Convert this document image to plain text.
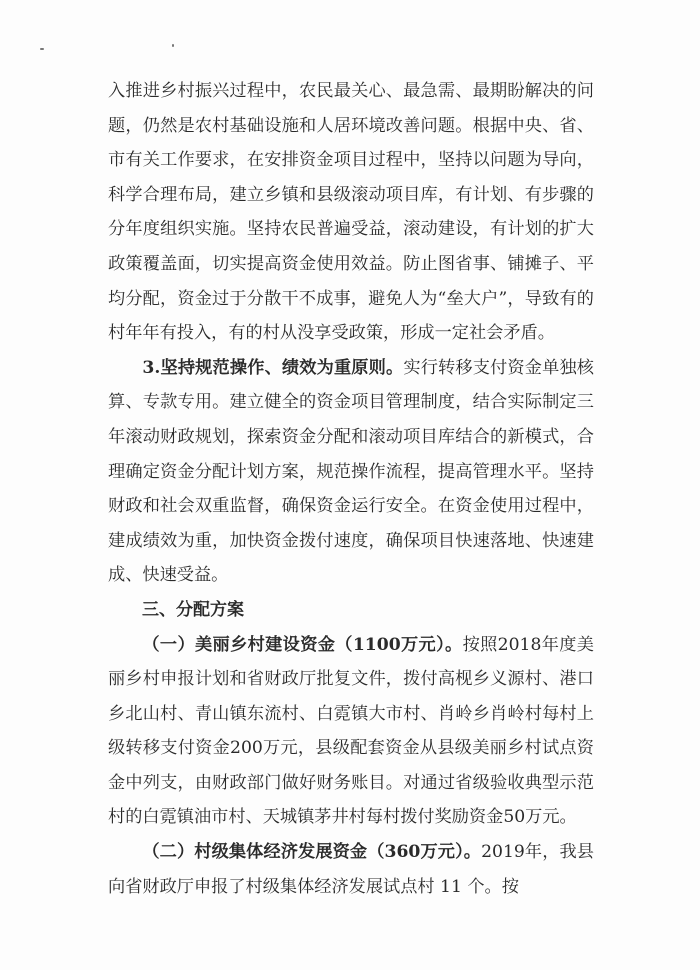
入推进乡村振兴过程中，农民最关心、最急需、最期盼解决的问题，仍然是农村基础设施和人居环境改善问题。根据中央、省、市有关工作要求，在安排资金项目过程中，坚持以问题为导向，科学合理布局，建立乡镇和县级滚动项目库，有计划、有步骤的分年度组织实施。坚持农民普遍受益，滚动建设，有计划的扩大政策覆盖面，切实提高资金使用效益。防止图省事、铺摊子、平均分配，资金过于分散干不成事，避免人为“垒大户”，导致有的村年年有投入，有的村从没享受政策，形成一定社会矛盾。

3.坚持规范操作、绩效为重原则。实行转移支付资金单独核算、专款专用。建立健全的资金项目管理制度，结合实际制定三年滚动财政规划，探索资金分配和滚动项目库结合的新模式，合理确定资金分配计划方案，规范操作流程，提高管理水平。坚持财政和社会双重监督，确保资金运行安全。在资金使用过程中，建成绩效为重，加快资金拨付速度，确保项目快速落地、快速建成、快速受益。

三、分配方案

（一）美丽乡村建设资金（1100万元）。按照2018年度美丽乡村申报计划和省财政厅批复文件，拨付高枧乡义源村、港口乡北山村、青山镇东流村、白霓镇大市村、肖岭乡肖岭村每村上级转移支付资金200万元，县级配套资金从县级美丽乡村试点资金中列支，由财政部门做好财务账目。对通过省级验收典型示范村的白霓镇油市村、天城镇茅井村每村拨付奖励资金50万元。

（二）村级集体经济发展资金（360万元）。2019年，我县向省财政厅申报了村级集体经济发展试点村 11 个。按
